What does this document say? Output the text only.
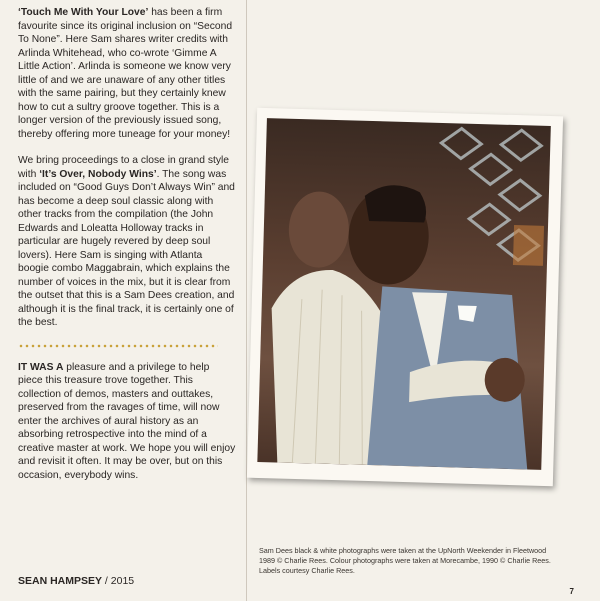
‘Touch Me With Your Love’ has been a firm favourite since its original inclusion on “Second To None”. Here Sam shares writer credits with Arlinda Whitehead, who co-wrote ‘Gimme A Little Action’. Arlinda is someone we know very little of and we are unaware of any other titles with the same pairing, but they certainly knew how to cut a sultry groove together. This is a longer version of the previously issued song, thereby offering more tuneage for your money!

We bring proceedings to a close in grand style with ‘It’s Over, Nobody Wins’. The song was included on “Good Guys Don’t Always Win” and has become a deep soul classic along with other tracks from the compilation (the John Edwards and Loleatta Holloway tracks in particular are hugely revered by deep soul lovers). Here Sam is singing with Atlanta boogie combo Maggabrain, which explains the number of voices in the mix, but it is clear from the outset that this is a Sam Dees creation, and although it is the final track, it is certainly one of the best.

IT WAS A pleasure and a privilege to help piece this treasure trove together. This collection of demos, masters and outtakes, preserved from the ravages of time, will now enter the archives of aural history as an absorbing retrospective into the mind of a creative master at work. We hope you will enjoy and revisit it often. It may be over, but on this occasion, everybody wins.

SEAN HAMPSEY / 2015
Sam Dees black & white photographs were taken at the UpNorth Weekender in Fleetwood 1989 © Charlie Rees. Colour photographs were taken at Morecambe, 1990 © Charlie Rees. Labels courtesy Charlie Rees.
7
